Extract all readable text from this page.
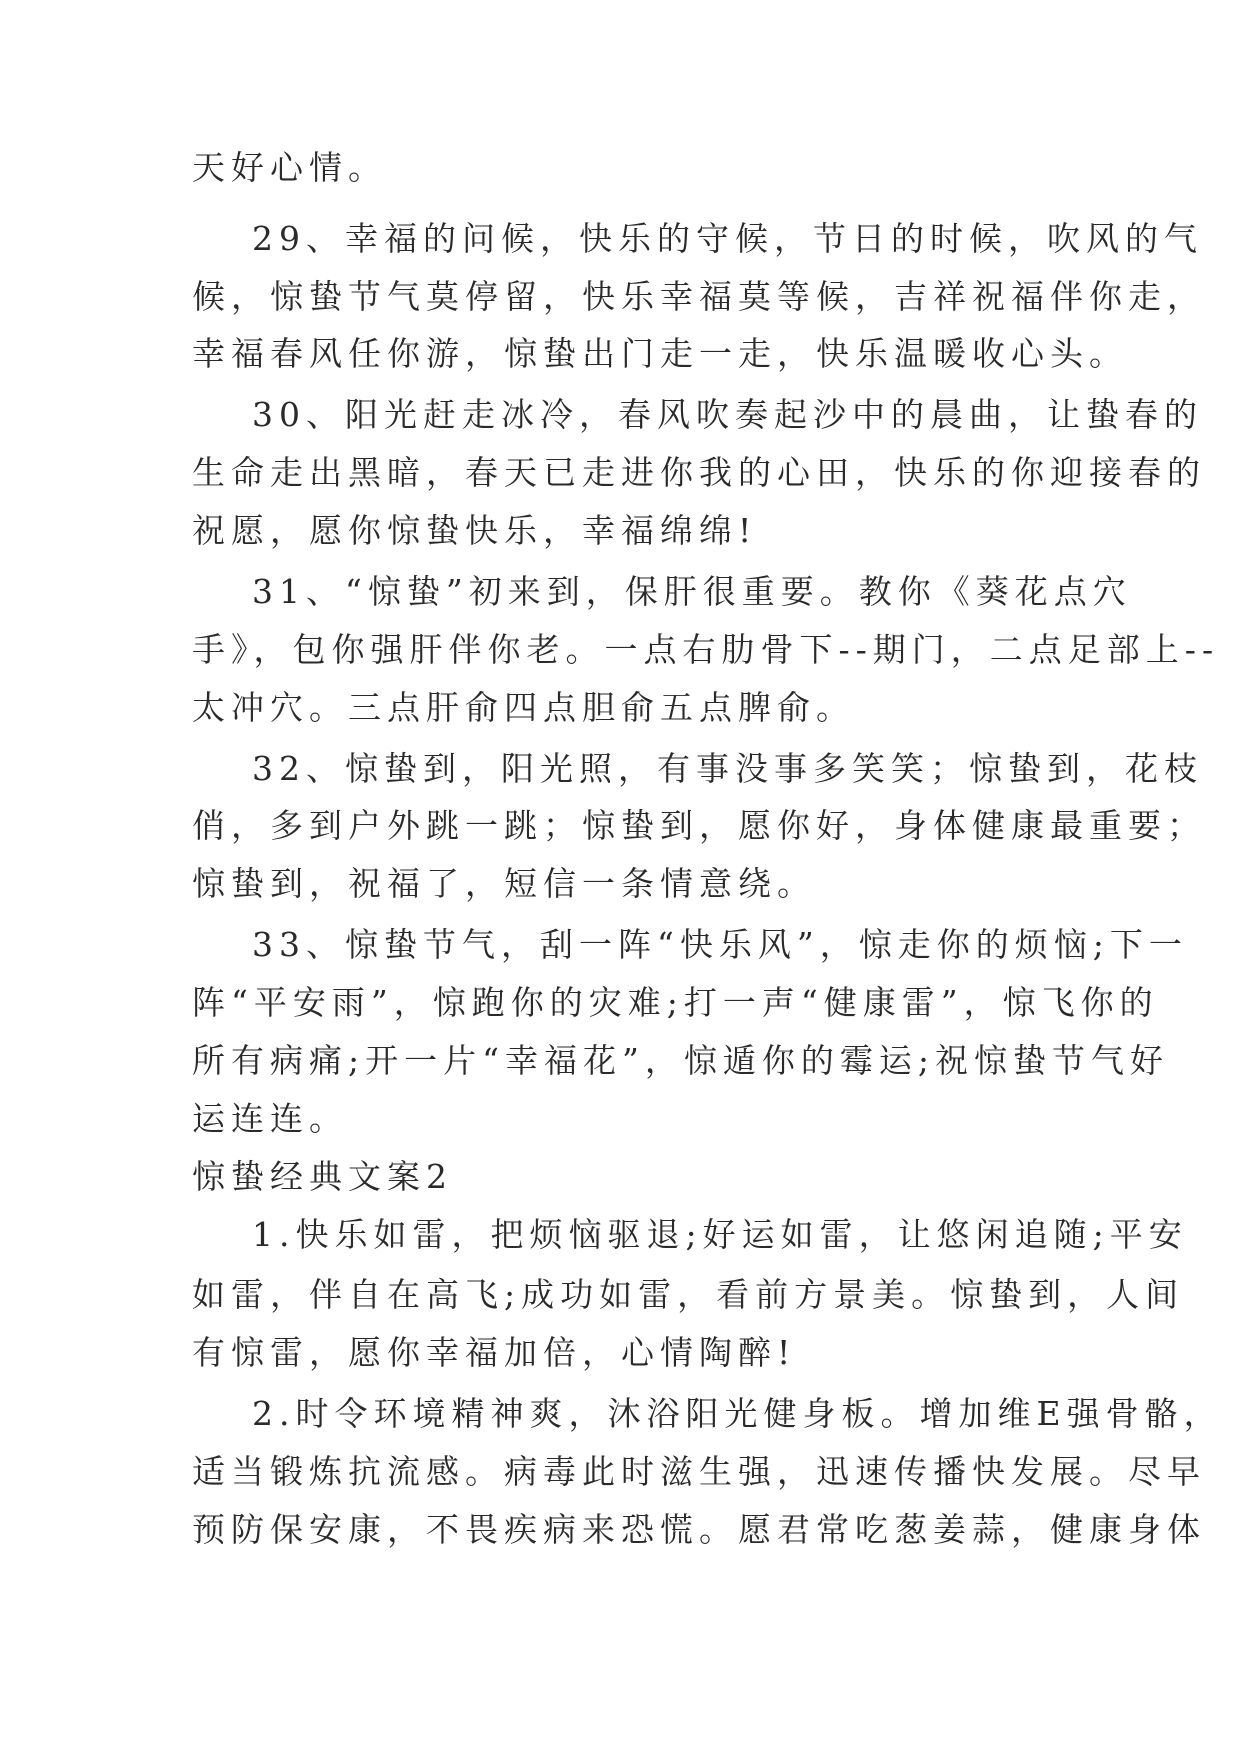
天好心情。
29、幸福的问候，快乐的守候，节日的时候，吹风的气
候，惊蛰节气莫停留，快乐幸福莫等候，吉祥祝福伴你走，
幸福春风任你游，惊蛰出门走一走，快乐温暖收心头。
30、阳光赶走冰冷，春风吹奏起沙中的晨曲，让蛰春的
生命走出黑暗，春天已走进你我的心田，快乐的你迎接春的
祝愿，愿你惊蛰快乐，幸福绵绵!
31、“惊蛰”初来到，保肝很重要。教你《葵花点穴
手》，包你强肝伴你老。一点右肋骨下--期门，二点足部上--
太冲穴。三点肝俞四点胆俞五点脾俞。
32、惊蛰到，阳光照，有事没事多笑笑；惊蛰到，花枝
俏，多到户外跳一跳；惊蛰到，愿你好，身体健康最重要；
惊蛰到，祝福了，短信一条情意绕。
33、惊蛰节气，刮一阵“快乐风”，惊走你的烦恼;下一
阵“平安雨”，惊跑你的灾难;打一声“健康雷”，惊飞你的
所有病痛;开一片“幸福花”，惊遁你的霉运;祝惊蛰节气好
运连连。
惊蛰经典文案2
1.快乐如雷，把烦恼驱退;好运如雷，让悠闲追随;平安
如雷，伴自在高飞;成功如雷，看前方景美。惊蛰到，人间
有惊雷，愿你幸福加倍，心情陶醉!
2.时令环境精神爽，沐浴阳光健身板。增加维E强骨骼，
适当锻炼抗流感。病毒此时滋生强，迅速传播快发展。尽早
预防保安康，不畏疾病来恐慌。愿君常吃葱姜蒜，健康身体
